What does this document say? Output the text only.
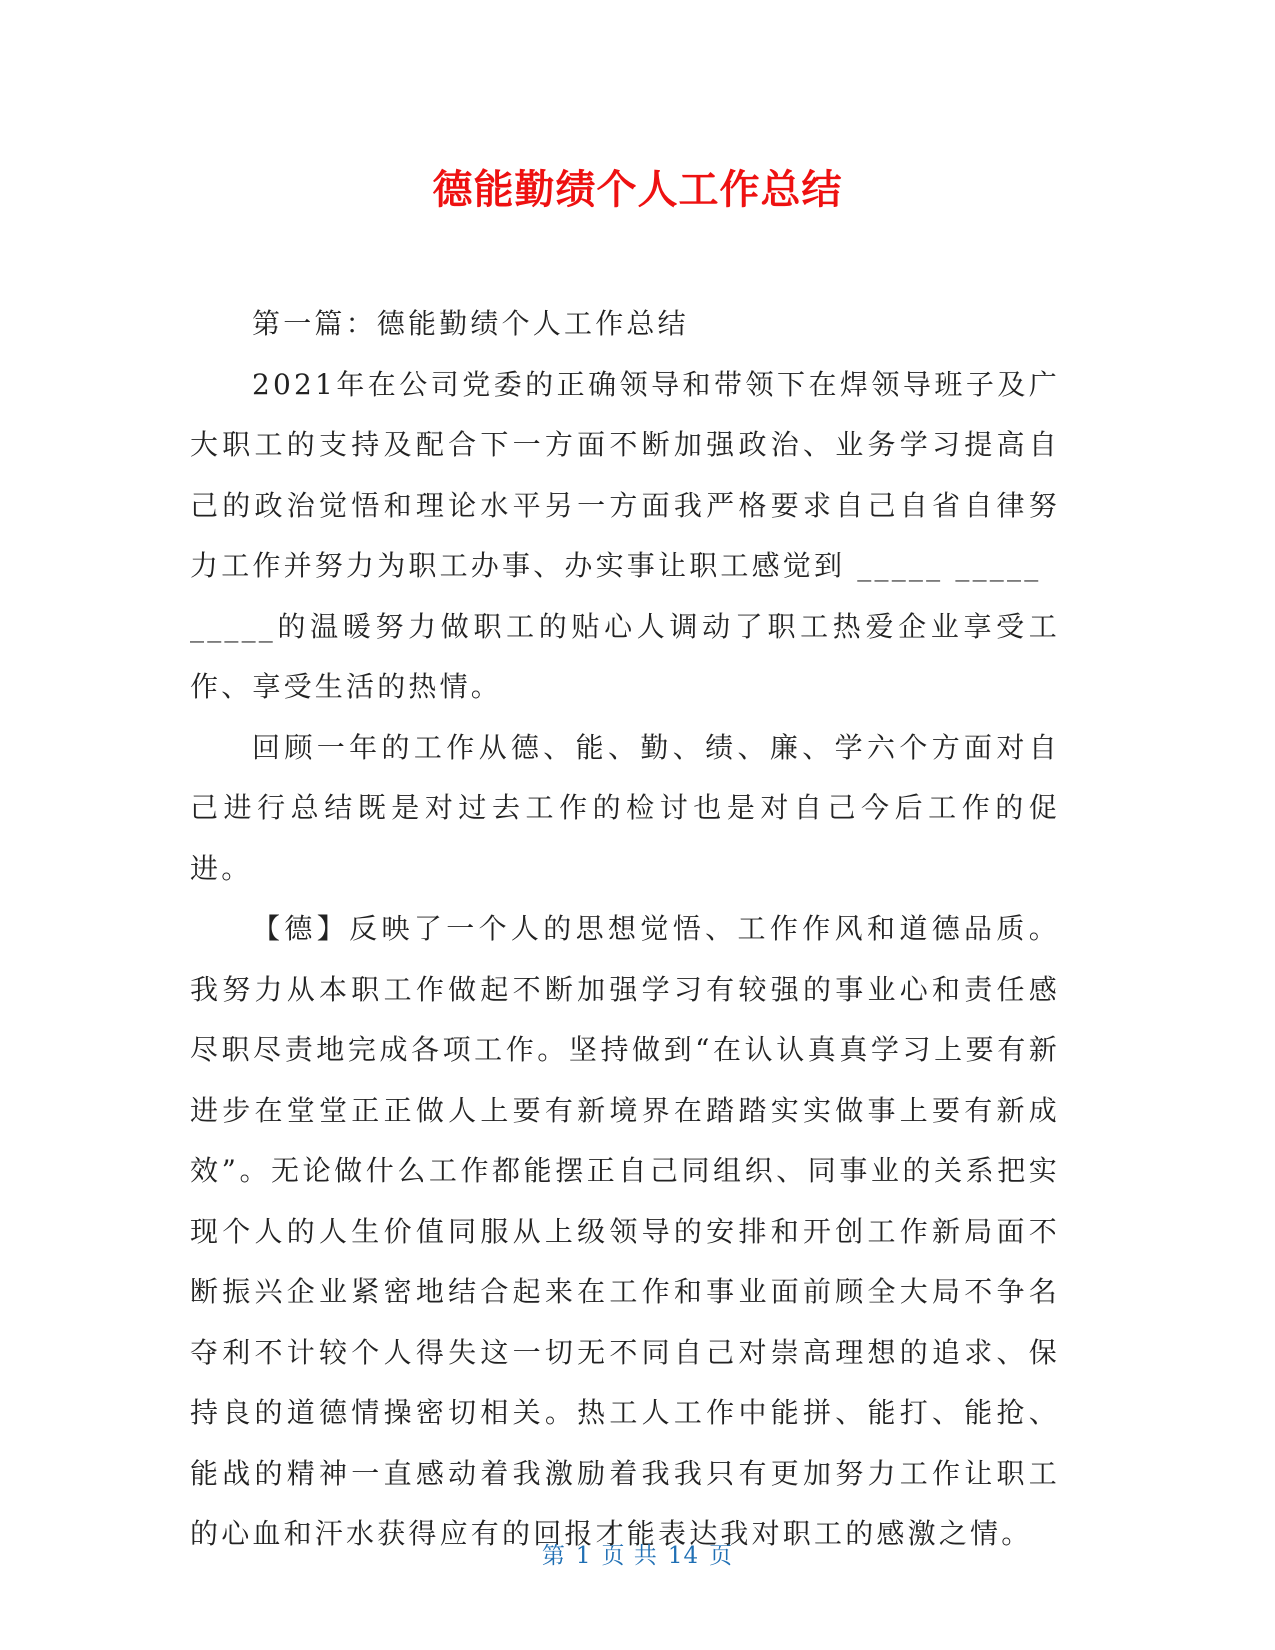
德能勤绩个人工作总结

第一篇：德能勤绩个人工作总结

2021年在公司党委的正确领导和带领下在焊领导班子及广大职工的支持及配合下一方面不断加强政治、业务学习提高自己的政治觉悟和理论水平另一方面我严格要求自己自省自律努力工作并努力为职工办事、办实事让职工感觉到 _____ _____

_____的温暖努力做职工的贴心人调动了职工热爱企业享受工作、享受生活的热情。

回顾一年的工作从德、能、勤、绩、廉、学六个方面对自己进行总结既是对过去工作的检讨也是对自己今后工作的促进。

【德】反映了一个人的思想觉悟、工作作风和道德品质。我努力从本职工作做起不断加强学习有较强的事业心和责任感尽职尽责地完成各项工作。坚持做到“在认认真真学习上要有新进步在堂堂正正做人上要有新境界在踏踏实实做事上要有新成效”。无论做什么工作都能摆正自己同组织、同事业的关系把实现个人的人生价值同服从上级领导的安排和开创工作新局面不断振兴企业紧密地结合起来在工作和事业面前顾全大局不争名夺利不计较个人得失这一切无不同自己对崇高理想的追求、保持良的道德情操密切相关。热工人工作中能拼、能打、能抢、能战的精神一直感动着我激励着我我只有更加努力工作让职工的心血和汗水获得应有的回报才能表达我对职工的感激之情。

第 1 页 共 14 页
